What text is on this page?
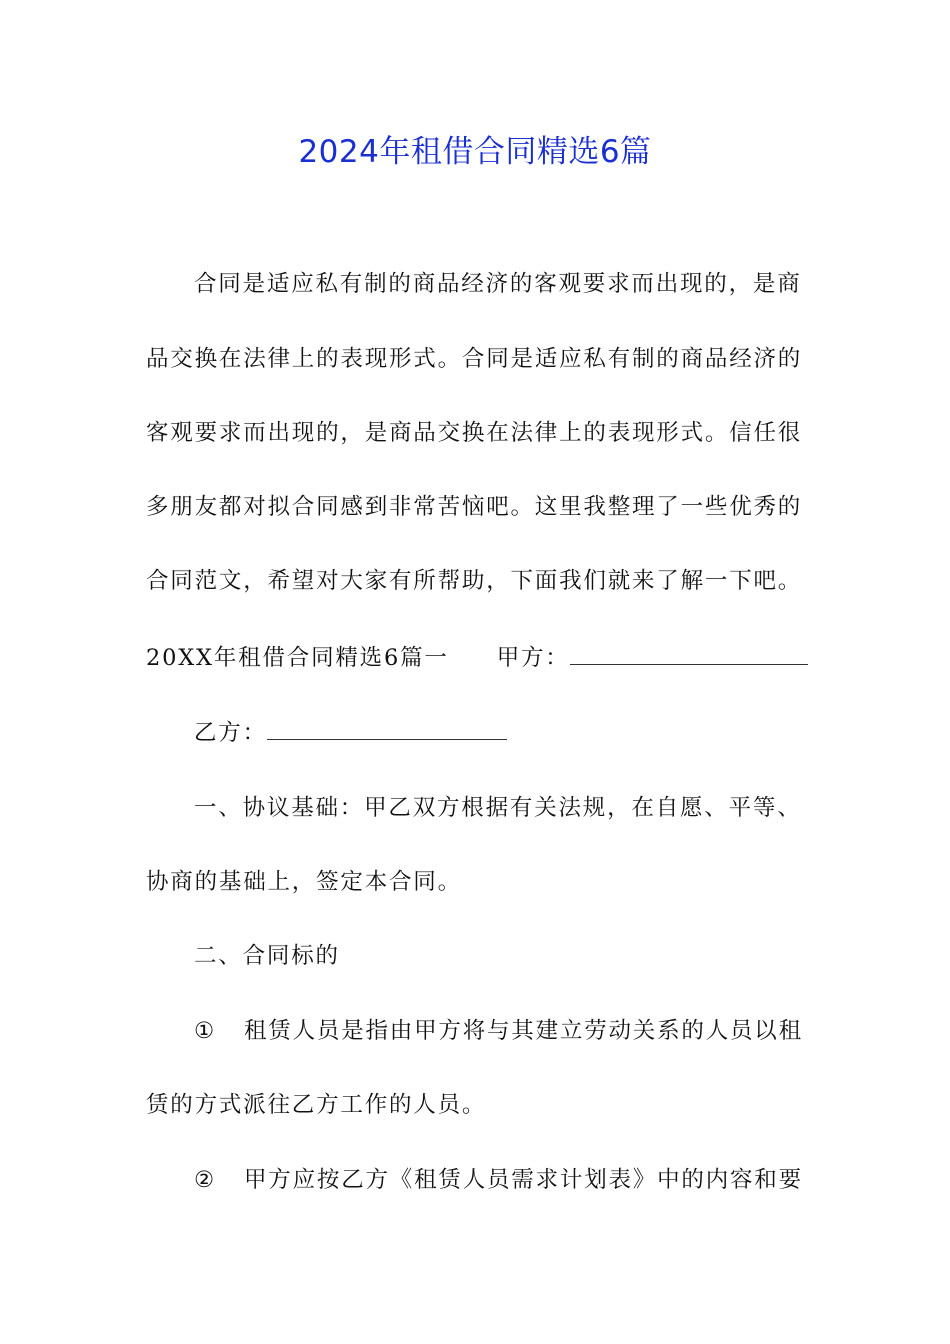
2024年租借合同精选6篇
合同是适应私有制的商品经济的客观要求而出现的，是商
品交换在法律上的表现形式。合同是适应私有制的商品经济的
客观要求而出现的，是商品交换在法律上的表现形式。信任很
多朋友都对拟合同感到非常苦恼吧。这里我整理了一些优秀的
合同范文，希望对大家有所帮助，下面我们就来了解一下吧。
20XX年租借合同精选6篇一 甲方：
乙方：
一、协议基础：甲乙双方根据有关法规，在自愿、平等、
协商的基础上，签定本合同。
二、合同标的
① 租赁人员是指由甲方将与其建立劳动关系的人员以租
赁的方式派往乙方工作的人员。
② 甲方应按乙方《租赁人员需求计划表》中的内容和要
